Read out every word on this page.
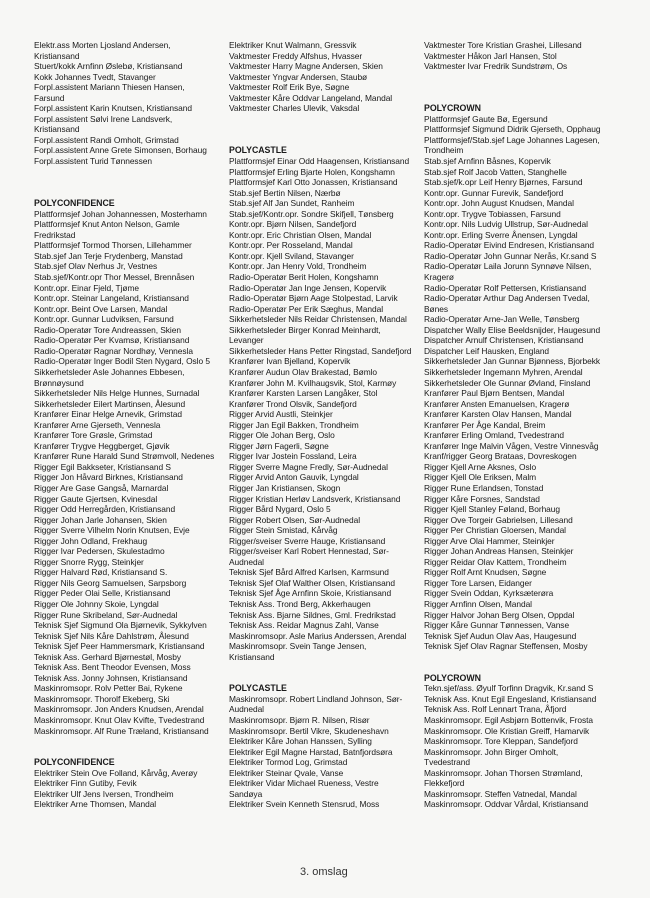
Elektr.ass Morten Ljosland Andersen,
Kristiansand
Stuert/kokk Arnfinn Øslebø, Kristiansand
Kokk Johannes Tvedt, Stavanger
Forpl.assistent Mariann Thiesen Hansen,
Farsund
Forpl.assistent Karin Knutsen, Kristiansand
Forpl.assistent Sølvi Irene Landsverk,
Kristiansand
Forpl.assistent Randi Omholt, Grimstad
Forpl.assistent Anne Grete Simonsen, Borhaug
Forpl.assistent Turid Tønnessen
POLYCONFIDENCE
Plattformsjef Johan Johannessen, Mosterhamn
Plattformsjef Knut Anton Nelson, Gamle
Fredrikstad
Plattformsjef Tormod Thorsen, Lillehammer
Stab.sjef Jan Terje Frydenberg, Manstad
Stab.sjef Olav Nerhus Jr, Vestnes
Stab.sjef/Kontr.opr Thor Messel, Brennåsen
Kontr.opr. Einar Fjeld, Tjøme
Kontr.opr. Steinar Langeland, Kristiansand
Kontr.opr. Beint Ove Larsen, Mandal
Kontr.opr. Gunnar Ludviksen, Farsund
Radio-Operatør Tore Andreassen, Skien
Radio-Operatør Per Kvamsø, Kristiansand
Radio-Operatør Ragnar Nordhøy, Vennesla
Radio-Operatør Inger Bodil Sten Nygard, Oslo 5
Sikkerhetsleder Asle Johannes Ebbesen,
Brønnøysund
Sikkerhetsleder Nils Helge Hunnes, Surnadal
Sikkerhetsleder Eilert Martinsen, Ålesund
Kranfører Einar Helge Arnevik, Grimstad
Kranfører Arne Gjerseth, Vennesla
Kranfører Tore Grøsle, Grimstad
Kranfører Trygve Heggberget, Gjøvik
Kranfører Rune Harald Sund Strømvoll, Nedenes
Rigger Egil Bakkseter, Kristiansand S
Rigger Jon Håvard Birknes, Kristiansand
Rigger Are Gase Gangså, Marnardal
Rigger Gaute Gjertsen, Kvinesdal
Rigger Odd Herregården, Kristiansand
Rigger Johan Jarle Johansen, Skien
Rigger Sverre Vilhelm Norin Knutsen, Evje
Rigger John Odland, Frekhaug
Rigger Ivar Pedersen, Skulestadmo
Rigger Snorre Rygg, Steinkjer
Rigger Halvard Rød, Kristiansand S.
Rigger Nils Georg Samuelsen, Sarpsborg
Rigger Peder Olai Selle, Kristiansand
Rigger Ole Johnny Skoie, Lyngdal
Rigger Rune Skribeland, Sør-Audnedal
Teknisk Sjef Sigmund Ola Bjørnevik, Sykkylven
Teknisk Sjef Nils Kåre Dahlstrøm, Ålesund
Teknisk Sjef Peer Hammersmark, Kristiansand
Teknisk Ass. Gerhard Bjørnestøl, Mosby
Teknisk Ass. Bent Theodor Evensen, Moss
Teknisk Ass. Jonny Johnsen, Kristiansand
Maskinromsopr. Rolv Petter Bai, Rykene
Maskinromsopr. Thorolf Ekeberg, Ski
Maskinromsopr. Jon Anders Knudsen, Arendal
Maskinromsopr. Knut Olav Kvifte, Tvedestrand
Maskinromsopr. Alf Rune Træland, Kristiansand
POLYCONFIDENCE
Elektriker Stein Ove Folland, Kårvåg, Averøy
Elektriker Finn Gutiby, Fevik
Elektriker Ulf Jens Iversen, Trondheim
Elektriker Arne Thomsen, Mandal
Elektriker Knut Walmann, Gressvik
Vaktmester Freddy Alfshus, Hvasser
Vaktmester Harry Magne Andersen, Skien
Vaktmester Yngvar Andersen, Staubø
Vaktmester Rolf Erik Bye, Søgne
Vaktmester Kåre Oddvar Langeland, Mandal
Vaktmester Charles Ulevik, Vaksdal
POLYCASTLE
Plattformsjef Einar Odd Haagensen, Kristiansand
Plattformsjef Erling Bjarte Holen, Kongshamn
Plattformsjef Karl Otto Jonassen, Kristiansand
Stab.sjef Bertin Nilsen, Nærbø
Stab.sjef Alf Jan Sundet, Ranheim
Stab.sjef/Kontr.opr. Sondre Skifjell, Tønsberg
Kontr.opr. Bjørn Nilsen, Sandefjord
Kontr.opr. Eric Christian Olsen, Mandal
Kontr.opr. Per Rosseland, Mandal
Kontr.opr. Kjell Sviland, Stavanger
Kontr.opr. Jan Henry Vold, Trondheim
Radio-Operatør Berit Holen, Kongshamn
Radio-Operatør Jan Inge Jensen, Kopervik
Radio-Operatør Bjørn Aage Stolpestad, Larvik
Radio-Operatør Per Erik Sæghus, Mandal
Sikkerhetsleder Nils Reidar Christensen, Mandal
Sikkerhetsleder Birger Konrad Meinhardt,
Levanger
Sikkerhetsleder Hans Petter Ringstad, Sandefjord
Kranfører Ivan Bjelland, Kopervik
Kranfører Audun Olav Brakestad, Bømlo
Kranfører John M. Kvilhaugsvik, Stol, Karmøy
Kranfører Karsten Larsen Langåker, Stol
Kranfører Trond Olsvik, Sandefjord
Rigger Arvid Austli, Steinkjer
Rigger Jan Egil Bakken, Trondheim
Rigger Ole Johan Berg, Oslo
Rigger Jørn Fagerli, Søgne
Rigger Ivar Jostein Fossland, Leira
Rigger Sverre Magne Fredly, Sør-Audnedal
Rigger Arvid Anton Gauvik, Lyngdal
Rigger Jan Kristiansen, Skogn
Rigger Kristian Herløv Landsverk, Kristiansand
Rigger Bård Nygard, Oslo 5
Rigger Robert Olsen, Sør-Audnedal
Rigger Stein Smistad, Kårvåg
Rigger/sveiser Sverre Hauge, Kristiansand
Rigger/sveiser Karl Robert Hennestad, Sør-
Audnedal
Teknisk Sjef Bård Alfred Karlsen, Karmsund
Teknisk Sjef Olaf Walther Olsen, Kristiansand
Teknisk Sjef Åge Arnfinn Skoie, Kristiansand
Teknisk Ass. Trond Berg, Akkerhaugen
Teknisk Ass. Bjarne Sildnes, Gml. Fredrikstad
Teknisk Ass. Reidar Magnus Zahl, Vanse
Maskinromsopr. Asle Marius Anderssen, Arendal
Maskinromsopr. Svein Tange Jensen,
Kristiansand
POLYCASTLE
Maskinromsopr. Robert Lindland Johnson, Sør-
Audnedal
Maskinromsopr. Bjørn R. Nilsen, Risør
Maskinromsopr. Bertil Vikre, Skudeneshavn
Elektriker Kåre Johan Hanssen, Sylling
Elektriker Egil Magne Harstad, Batnfjordsøra
Elektriker Tormod Log, Grimstad
Elektriker Steinar Qvale, Vanse
Elektriker Vidar Michael Rueness, Vestre
Sandøya
Elektriker Svein Kenneth Stensrud, Moss
Vaktmester Tore Kristian Grashei, Lillesand
Vaktmester Håkon Jarl Hansen, Stol
Vaktmester Ivar Fredrik Sundstrøm, Os
POLYCROWN
Plattformsjef Gaute Bø, Egersund
Plattformsjef Sigmund Didrik Gjerseth, Opphaug
Plattformsjef/Stab.sjef Lage Johannes Lagesen,
Trondheim
Stab.sjef Arnfinn Båsnes, Kopervik
Stab.sjef Rolf Jacob Vatten, Stanghelle
Stab.sjef/k.opr Leif Henry Bjørnes, Farsund
Kontr.opr. Gunnar Furevik, Sandefjord
Kontr.opr. John August Knudsen, Mandal
Kontr.opr. Trygve Tobiassen, Farsund
Kontr.opr. Nils Ludvig Ullstrup, Sør-Audnedal
Kontr.opr. Erling Sverre Ånensen, Lyngdal
Radio-Operatør Eivind Endresen, Kristiansand
Radio-Operatør John Gunnar Nerås, Kr.sand S
Radio-Operatør Laila Jorunn Synnøve Nilsen,
Kragerø
Radio-Operatør Rolf Pettersen, Kristiansand
Radio-Operatør Arthur Dag Andersen Tvedal,
Bønes
Radio-Operatør Arne-Jan Welle, Tønsberg
Dispatcher Wally Elise Beeldsnijder, Haugesund
Dispatcher Arnulf Christensen, Kristiansand
Dispatcher Leif Hausken, England
Sikkerhetsleder Jan Gunnar Bjønness, Bjorbekk
Sikkerhetsleder Ingemann Myhren, Arendal
Sikkerhetsleder Ole Gunnar Øvland, Finsland
Kranfører Paul Bjørn Bentsen, Mandal
Kranfører Ansten Emanuelsen, Kragerø
Kranfører Karsten Olav Hansen, Mandal
Kranfører Per Åge Kandal, Breim
Kranfører Erling Omland, Tvedestrand
Kranfører Inge Malvin Vågen, Vestre Vinnesvåg
Kranf/rigger Georg Brataas, Dovreskogen
Rigger Kjell Arne Aksnes, Oslo
Rigger Kjell Ole Eriksen, Malm
Rigger Rune Erlandsen, Tonstad
Rigger Kåre Forsnes, Sandstad
Rigger Kjell Stanley Føland, Borhaug
Rigger Ove Torgeir Gabrielsen, Lillesand
Rigger Per Christian Gloersen, Mandal
Rigger Arve Olai Hammer, Steinkjer
Rigger Johan Andreas Hansen, Steinkjer
Rigger Reidar Olav Kattem, Trondheim
Rigger Rolf Arnt Knudsen, Søgne
Rigger Tore Larsen, Eidanger
Rigger Svein Oddan, Kyrksæterøra
Rigger Arnfinn Olsen, Mandal
Rigger Halvor Johan Berg Olsen, Oppdal
Rigger Kåre Gunnar Tønnessen, Vanse
Teknisk Sjef Audun Olav Aas, Haugesund
Teknisk Sjef Olav Ragnar Steffensen, Mosby
POLYCROWN
Tekn.sjef/ass. Øyulf Torfinn Dragvik, Kr.sand S
Teknisk Ass. Knut Egil Engesland, Kristiansand
Teknisk Ass. Rolf Lennart Trana, Åfjord
Maskinromsopr. Egil Asbjørn Bottenvik, Frosta
Maskinromsopr. Ole Kristian Greiff, Hamarvik
Maskinromsopr. Tore Kleppan, Sandefjord
Maskinromsopr. John Birger Omholt,
Tvedestrand
Maskinromsopr. Johan Thorsen Strømland,
Flekkefjord
Maskinromsopr. Steffen Vatnedal, Mandal
Maskinromsopr. Oddvar Vårdal, Kristiansand
3. omslag
